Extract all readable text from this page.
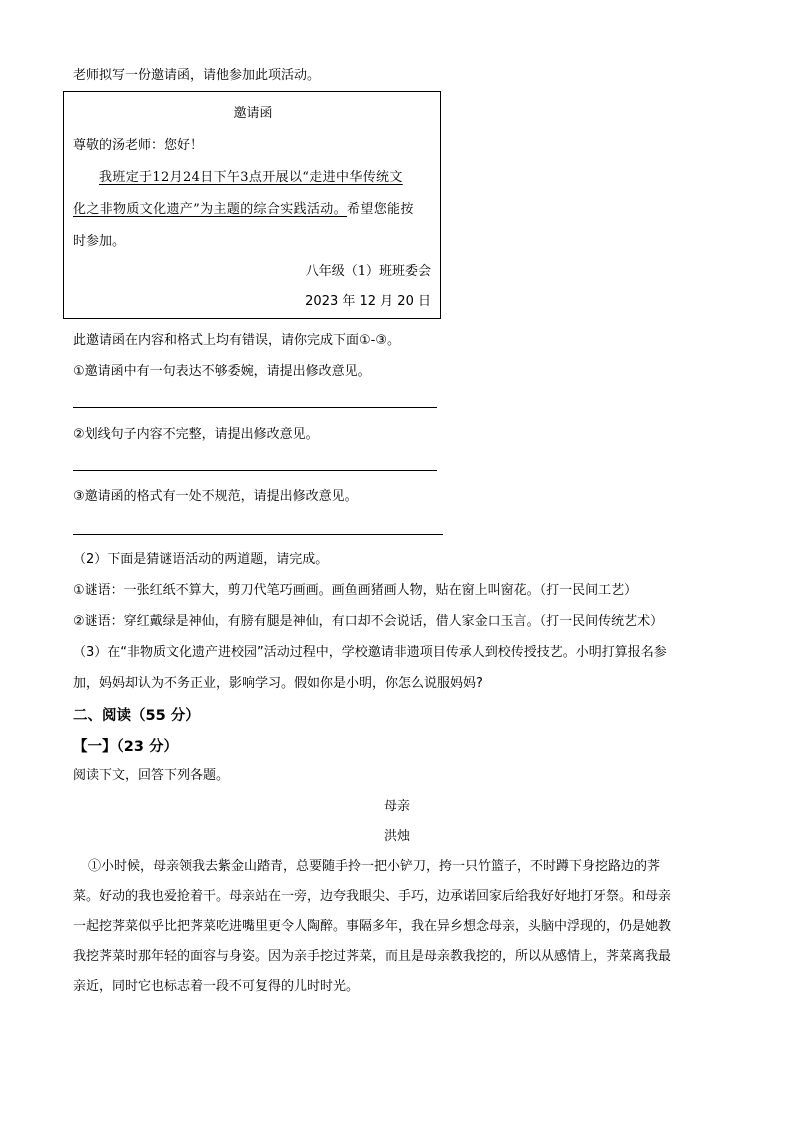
老师拟写一份邀请函，请他参加此项活动。
邀请函
尊敬的汤老师：您好！
我班定于12月24日下午3点开展以“走进中华传统文
化之非物质文化遗产”为主题的综合实践活动。希望您能按
时参加。
八年级（1）班班委会
2023 年 12 月 20 日
此邀请函在内容和格式上均有错误，请你完成下面①-③。
①邀请函中有一句表达不够委婉，请提出修改意见。
②划线句子内容不完整，请提出修改意见。
③邀请函的格式有一处不规范，请提出修改意见。
（2）下面是猜谜语活动的两道题，请完成。
①谜语：一张红纸不算大，剪刀代笔巧画画。画鱼画猪画人物，贴在窗上叫窗花。（打一民间工艺）
②谜语：穿红戴绿是神仙，有膀有腿是神仙，有口却不会说话，借人家金口玉言。（打一民间传统艺术）
（3）在“非物质文化遗产进校园”活动过程中，学校邀请非遗项目传承人到校传授技艺。小明打算报名参
加，妈妈却认为不务正业，影响学习。假如你是小明，你怎么说服妈妈?
二、阅读（55 分）
【一】（23 分）
阅读下文，回答下列各题。
母亲
洪烛
①小时候，母亲领我去紫金山踏青，总要随手拎一把小铲刀，挎一只竹篮子，不时蹲下身挖路边的荠
菜。好动的我也爱抢着干。母亲站在一旁，边夸我眼尖、手巧，边承诺回家后给我好好地打牙祭。和母亲
一起挖荠菜似乎比把荠菜吃进嘴里更令人陶醉。事隔多年，我在异乡想念母亲，头脑中浮现的，仍是她教
我挖荠菜时那年轻的面容与身姿。因为亲手挖过荠菜，而且是母亲教我挖的，所以从感情上，荠菜离我最
亲近，同时它也标志着一段不可复得的儿时时光。
